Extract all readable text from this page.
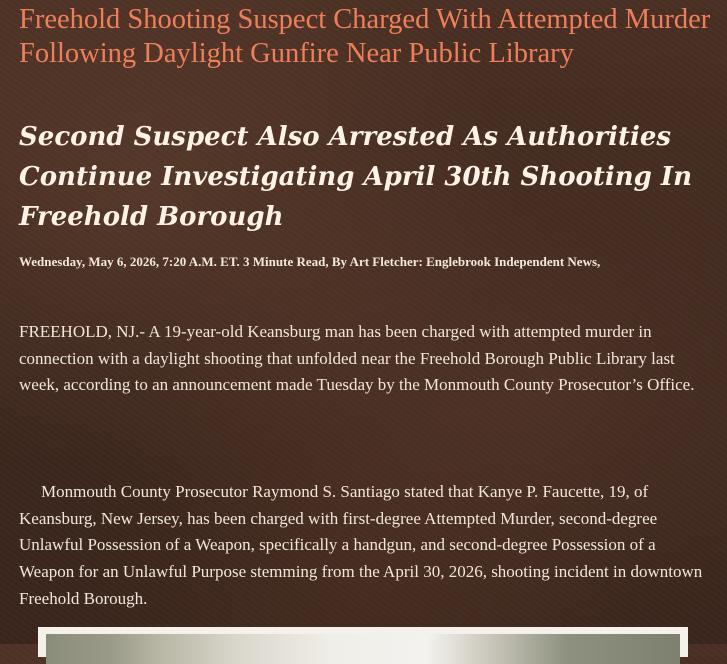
Freehold Shooting Suspect Charged With Attempted Murder Following Daylight Gunfire Near Public Library
Second Suspect Also Arrested As Authorities Continue Investigating April 30th Shooting In Freehold Borough
Wednesday, May 6, 2026, 7:20 A.M. ET. 3 Minute Read, By Art Fletcher: Englebrook Independent News,

FREEHOLD, NJ.- A 19-year-old Keansburg man has been charged with attempted murder in connection with a daylight shooting that unfolded near the Freehold Borough Public Library last week, according to an announcement made Tuesday by the Monmouth County Prosecutor’s Office.

Monmouth County Prosecutor Raymond S. Santiago stated that Kanye P. Faucette, 19, of Keansburg, New Jersey, has been charged with first-degree Attempted Murder, second-degree Unlawful Possession of a Weapon, specifically a handgun, and second-degree Possession of a Weapon for an Unlawful Purpose stemming from the April 30, 2026, shooting incident in downtown Freehold Borough.
